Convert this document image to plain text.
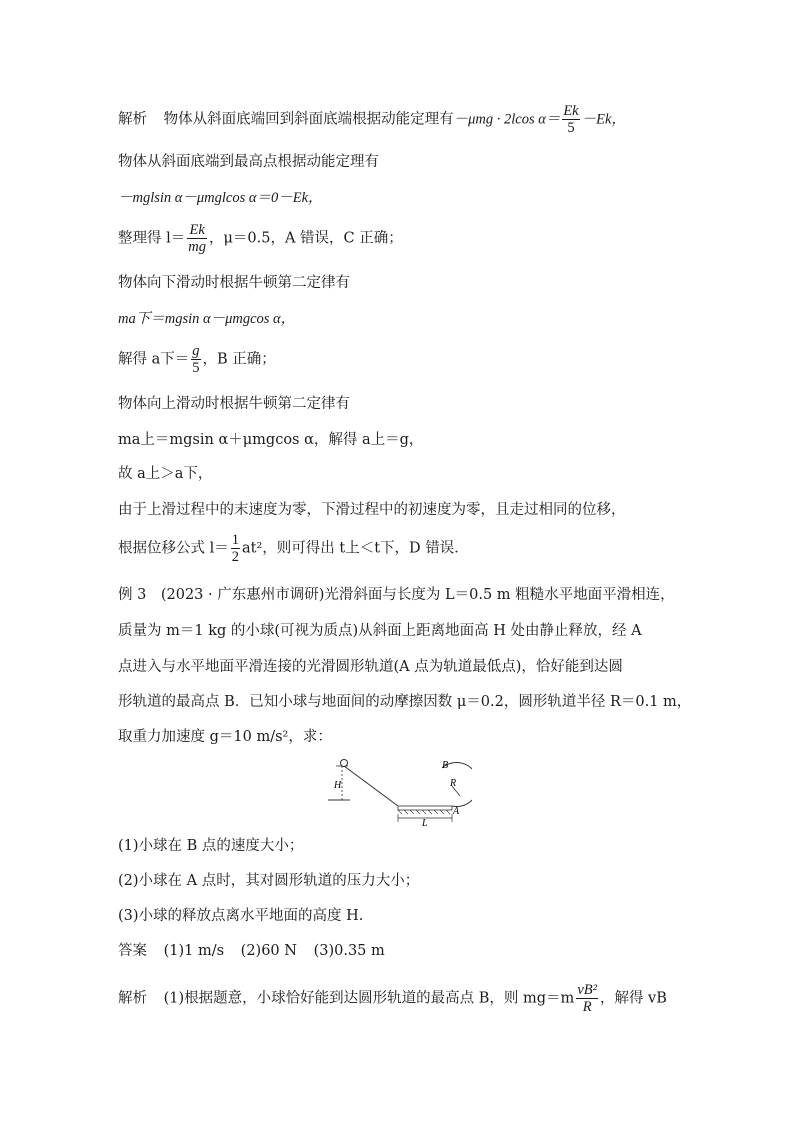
解析 物体从斜面底端回到斜面底端根据动能定理有－μmg · 2lcos $\alpha= \frac{Ek}{5} -Ek$，
物体从斜面底端到最高点根据动能定理有
－mglsin α－μmglcos α＝0－Ek，
整理得 $l= \frac{Ek}{mg}$ ，μ＝0.5，A 错误，C 正确；
物体向下滑动时根据牛顿第二定律有
ma下＝mgsin α－μmgcos α，
解得 a下＝ $\frac{g}{5}$ ，B 正确；
物体向上滑动时根据牛顿第二定律有
ma上＝mgsin α＋μmgcos α，解得 a上＝g，
故 a上＞a下，
由于上滑过程中的末速度为零，下滑过程中的初速度为零，且走过相同的位移，
根据位移公式 $l= \frac{1}{2} at^2$，则可得出 t上＜t下，D 错误．
例 3　(2023 · 广东惠州市调研)光滑斜面与长度为 L＝0.5 m 粗糙水平地面平滑相连，
质量为 m＝1 kg 的小球(可视为质点)从斜面上距离地面高 H 处由静止释放，经 A
点进入与水平地面平滑连接的光滑圆形轨道(A 点为轨道最低点)，恰好能到达圆
形轨道的最高点 B．已知小球与地面间的动摩擦因数 μ＝0.2，圆形轨道半径 R＝0.1 m，
取重力加速度 g＝10 m/s²，求：
H
B
R
A
L
(1)小球在 B 点的速度大小；
(2)小球在 A 点时，其对圆形轨道的压力大小；
(3)小球的释放点离水平地面的高度 H.
答案 (1)1 m/s (2)60 N (3)0.35 m
解析 (1)根据题意，小球恰好能到达圆形轨道的最高点 B，则 $mg=m \frac{\text{vB²}}{R}$ ，解得 vB
